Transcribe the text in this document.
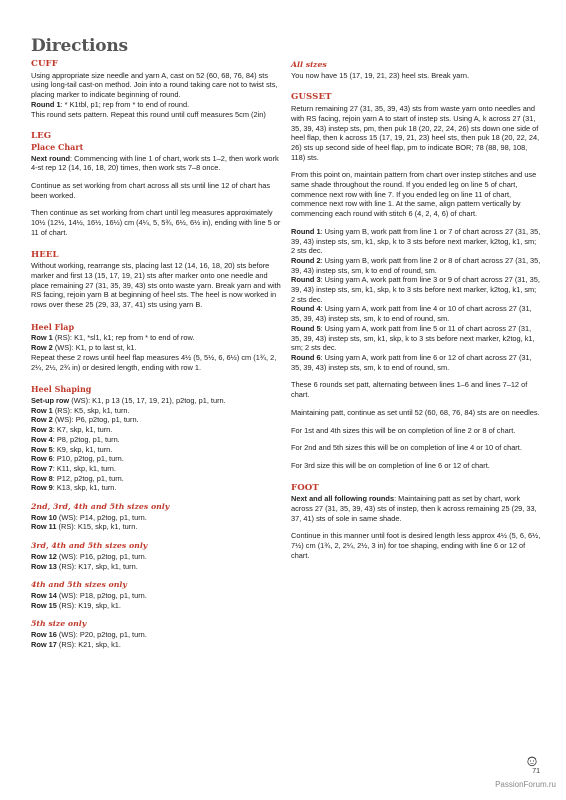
Directions
CUFF

Using appropriate size needle and yarn A, cast on 52 (60, 68, 76, 84) sts using long-tail cast-on method. Join into a round taking care not to twist sts, placing marker to indicate beginning of round.

Round 1: * K1tbl, p1; rep from * to end of round.

This round sets pattern. Repeat this round until cuff measures 5cm (2in)

LEG
Place Chart

Next round: Commencing with line 1 of chart, work sts 1–2, then work work 4-st rep 12 (14, 16, 18, 20) times, then work sts 7–8 once.

Continue as set working from chart across all sts until line 12 of chart has been worked.

Then continue as set working from chart until leg measures approximately 10½ (12½, 14½, 16½, 16½) cm (4¼, 5, 5¾, 6½, 6½ in), ending with line 5 or 11 of chart.

HEEL

Without working, rearrange sts, placing last 12 (14, 16, 18, 20) sts before marker and first 13 (15, 17, 19, 21) sts after marker onto one needle and place remaining 27 (31, 35, 39, 43) sts onto waste yarn. Break yarn and with RS facing, rejoin yarn B at beginning of heel sts. The heel is now worked in rows over these 25 (29, 33, 37, 41) sts using yarn B.

Heel Flap

Row 1 (RS): K1, *sl1, k1; rep from * to end of row.

Row 2 (WS): K1, p to last st, k1.

Repeat these 2 rows until heel flap measures 4½ (5, 5½, 6, 6½) cm (1¾, 2, 2¼, 2½, 2¾ in) or desired length, ending with row 1.

Heel Shaping

Set-up row (WS): K1, p 13 (15, 17, 19, 21), p2tog, p1, turn.

Row 1 (RS): K5, skp, k1, turn.

Row 2 (WS): P6, p2tog, p1, turn.

Row 3: K7, skp, k1, turn.

Row 4: P8, p2tog, p1, turn.

Row 5: K9, skp, k1, turn.

Row 6: P10, p2tog, p1, turn.

Row 7: K11, skp, k1, turn.

Row 8: P12, p2tog, p1, turn.

Row 9: K13, skp, k1, turn.

2nd, 3rd, 4th and 5th sizes only

Row 10 (WS): P14, p2tog, p1, turn.

Row 11 (RS): K15, skp, k1, turn.

3rd, 4th and 5th sizes only

Row 12 (WS): P16, p2tog, p1, turn.

Row 13 (RS): K17, skp, k1, turn.

4th and 5th sizes only

Row 14 (WS): P18, p2tog, p1, turn.

Row 15 (RS): K19, skp, k1.

5th size only

Row 16 (WS): P20, p2tog, p1, turn.

Row 17 (RS): K21, skp, k1.

All sizes

You now have 15 (17, 19, 21, 23) heel sts. Break yarn.

GUSSET

Return remaining 27 (31, 35, 39, 43) sts from waste yarn onto needles and with RS facing, rejoin yarn A to start of instep sts. Using A, k across 27 (31, 35, 39, 43) instep sts, pm, then puk 18 (20, 22, 24, 26) sts down one side of heel flap, then k across 15 (17, 19, 21, 23) heel sts, then puk 18 (20, 22, 24, 26) sts up second side of heel flap, pm to indicate BOR; 78 (88, 98, 108, 118) sts.

From this point on, maintain pattern from chart over instep stitches and use same shade throughout the round. If you ended leg on line 5 of chart, commence next row with line 7. If you ended leg on line 11 of chart, commence next row with line 1. At the same, align pattern vertically by commencing each round with stitch 6 (4, 2, 4, 6) of chart.

Round 1: Using yarn B, work patt from line 1 or 7 of chart across 27 (31, 35, 39, 43) instep sts, sm, k1, skp, k to 3 sts before next marker, k2tog, k1, sm; 2 sts dec.

Round 2: Using yarn B, work patt from line 2 or 8 of chart across 27 (31, 35, 39, 43) instep sts, sm, k to end of round, sm.

Round 3: Using yarn A, work patt from line 3 or 9 of chart across 27 (31, 35, 39, 43) instep sts, sm, k1, skp, k to 3 sts before next marker, k2tog, k1, sm; 2 sts dec.

Round 4: Using yarn A, work patt from line 4 or 10 of chart across 27 (31, 35, 39, 43) instep sts, sm, k to end of round, sm.

Round 5: Using yarn A, work patt from line 5 or 11 of chart across 27 (31, 35, 39, 43) instep sts, sm, k1, skp, k to 3 sts before next marker, k2tog, k1, sm; 2 sts dec.

Round 6: Using yarn A, work patt from line 6 or 12 of chart across 27 (31, 35, 39, 43) instep sts, sm, k to end of round, sm.

These 6 rounds set patt, alternating between lines 1–6 and lines 7–12 of chart.

Maintaining patt, continue as set until 52 (60, 68, 76, 84) sts are on needles.

For 1st and 4th sizes this will be on completion of line 2 or 8 of chart.

For 2nd and 5th sizes this will be on completion of line 4 or 10 of chart.

For 3rd size this will be on completion of line 6 or 12 of chart.

FOOT

Next and all following rounds: Maintaining patt as set by chart, work across 27 (31, 35, 39, 43) sts of instep, then k across remaining 25 (29, 33, 37, 41) sts of sole in same shade.

Continue in this manner until foot is desired length less approx 4½ (5, 6, 6½, 7½) cm (1¾, 2, 2¼, 2½, 3 in) for toe shaping, ending with line 6 or 12 of chart.

71
PassionForum.ru
